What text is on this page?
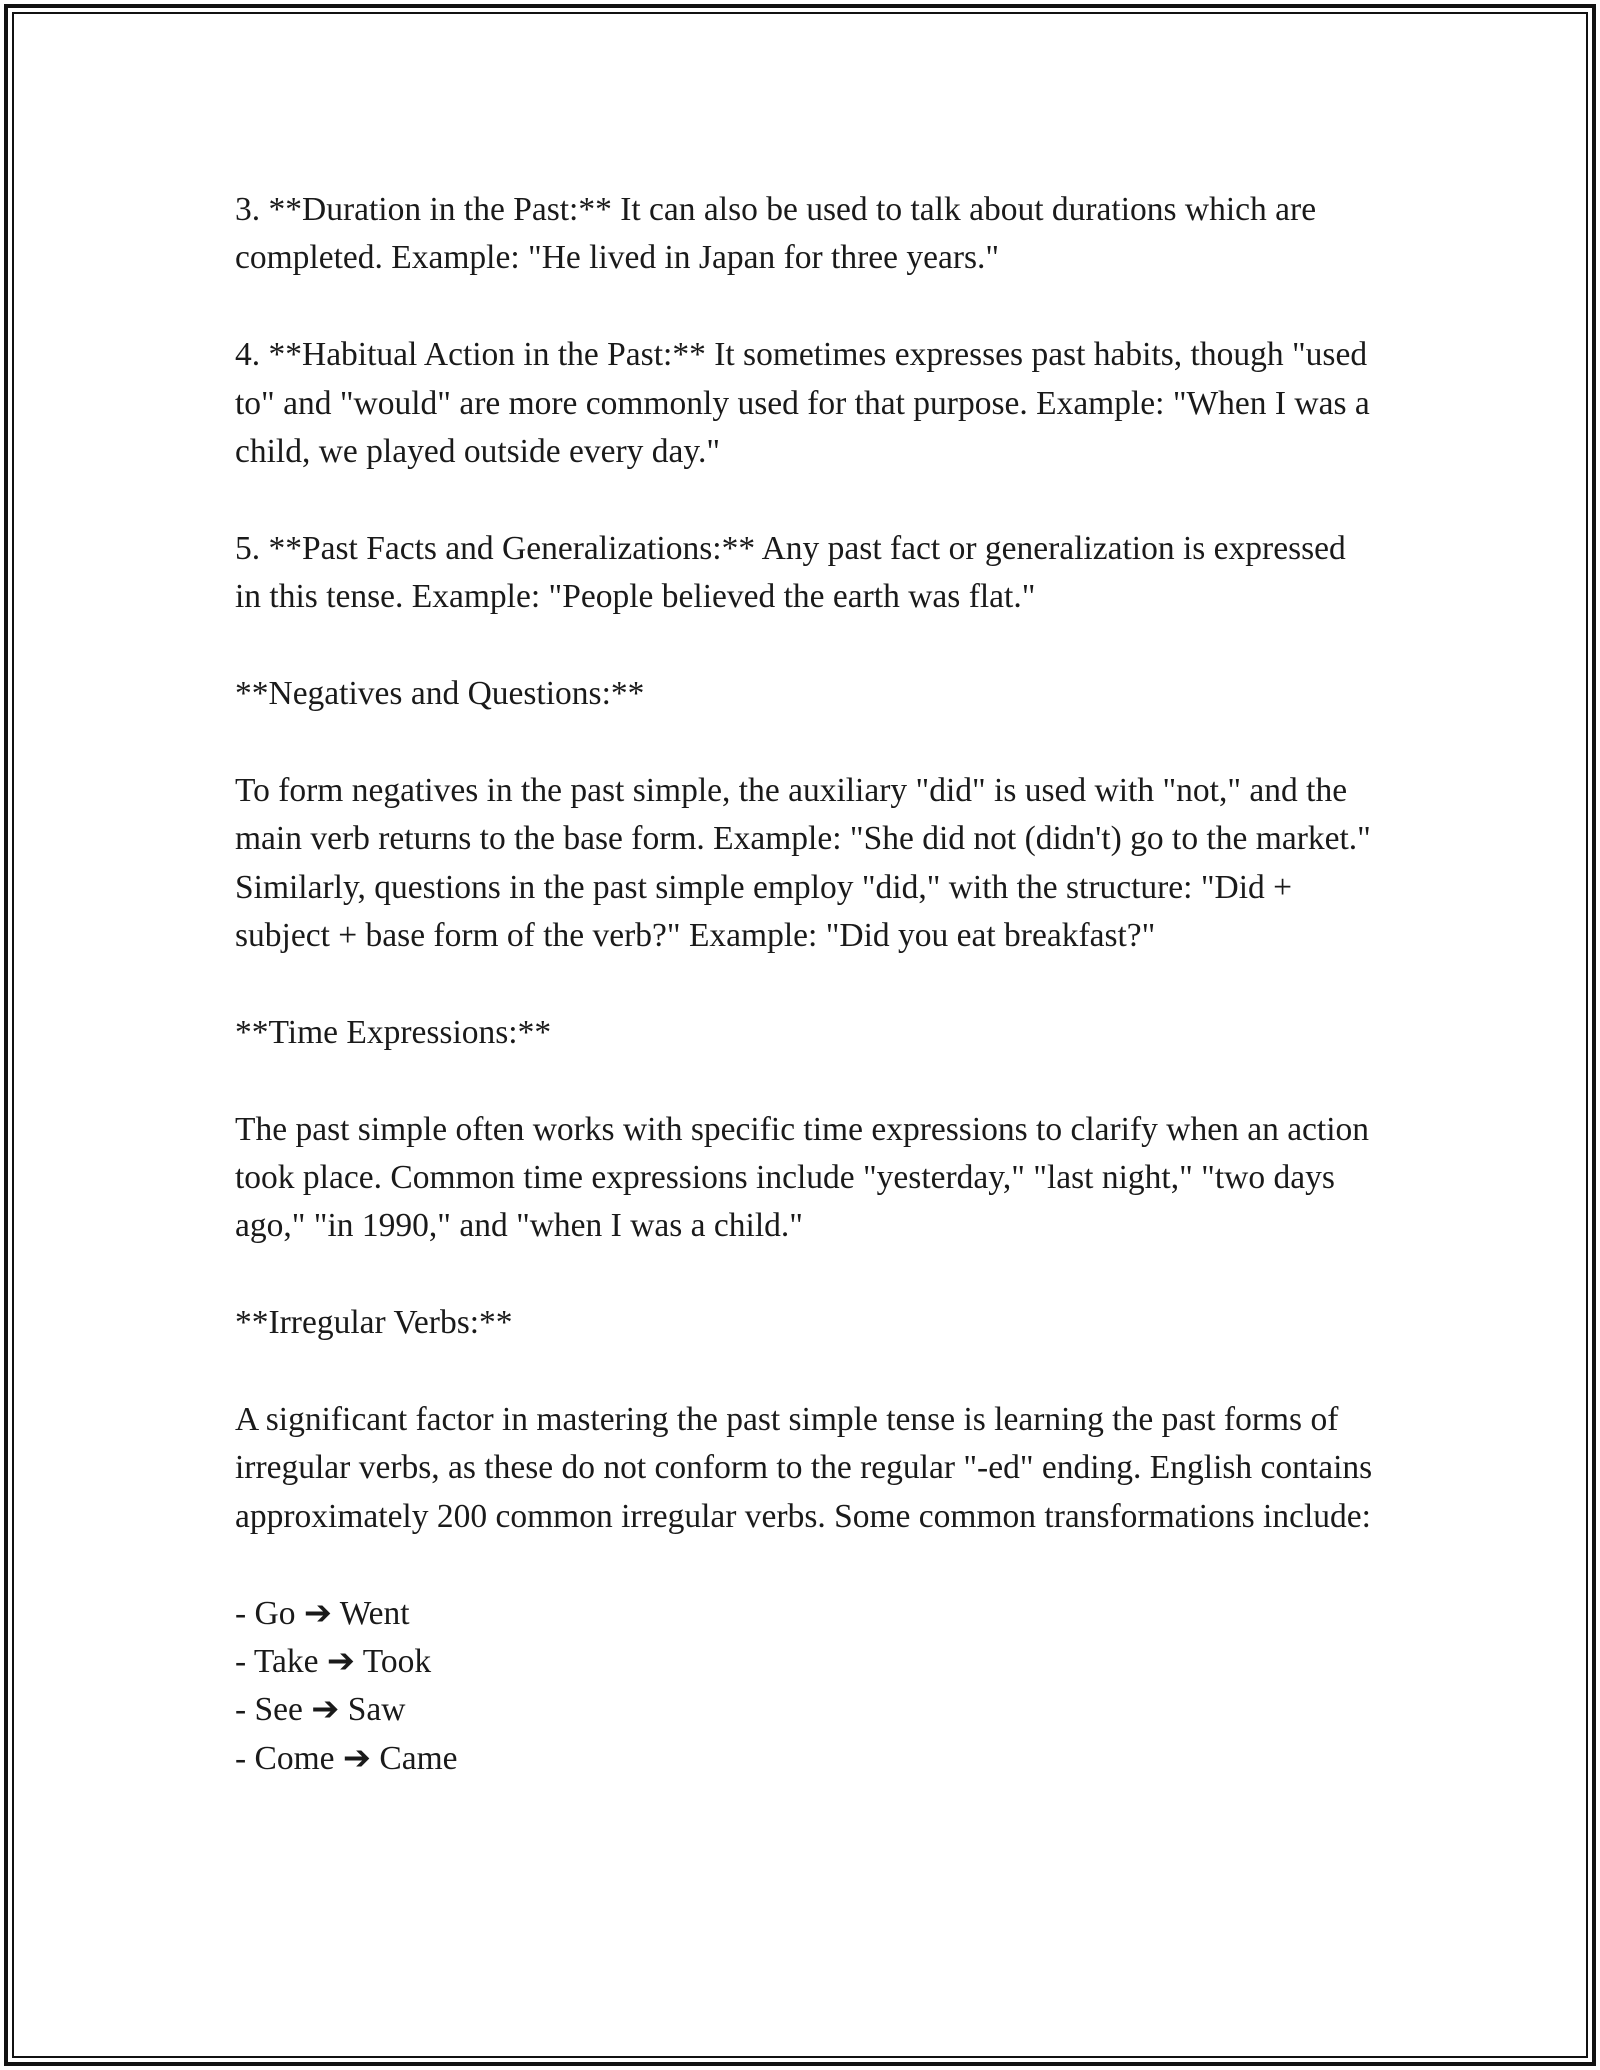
3. **Duration in the Past:** It can also be used to talk about durations which are completed. Example: "He lived in Japan for three years."

4. **Habitual Action in the Past:** It sometimes expresses past habits, though "used to" and "would" are more commonly used for that purpose. Example: "When I was a child, we played outside every day."

5. **Past Facts and Generalizations:** Any past fact or generalization is expressed in this tense. Example: "People believed the earth was flat."

**Negatives and Questions:**

To form negatives in the past simple, the auxiliary "did" is used with "not," and the main verb returns to the base form. Example: "She did not (didn't) go to the market." Similarly, questions in the past simple employ "did," with the structure: "Did + subject + base form of the verb?" Example: "Did you eat breakfast?"

**Time Expressions:**

The past simple often works with specific time expressions to clarify when an action took place. Common time expressions include "yesterday," "last night," "two days ago," "in 1990," and "when I was a child."

**Irregular Verbs:**

A significant factor in mastering the past simple tense is learning the past forms of irregular verbs, as these do not conform to the regular "-ed" ending. English contains approximately 200 common irregular verbs. Some common transformations include:

- Go ➔ Went
- Take ➔ Took
- See ➔ Saw
- Come ➔ Came
